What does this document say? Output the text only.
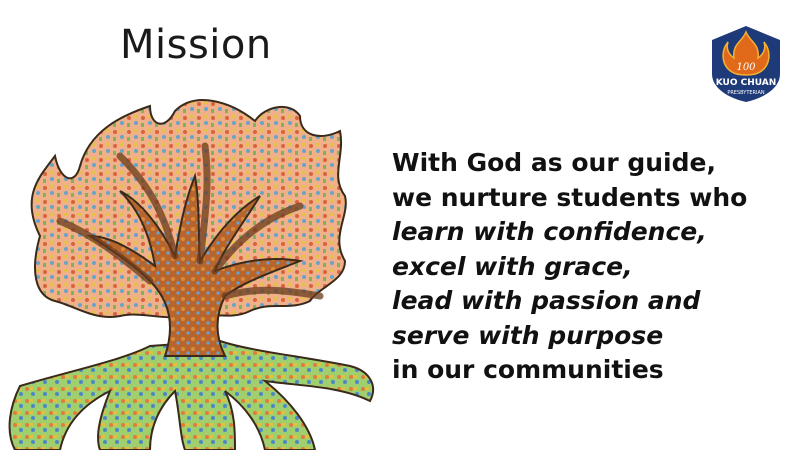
Mission
With God as our guide,
we nurture students who
learn with confidence,
excel with grace,
lead with passion and
serve with purpose
in our communities
100
KUO CHUAN
PRESBYTERIAN
